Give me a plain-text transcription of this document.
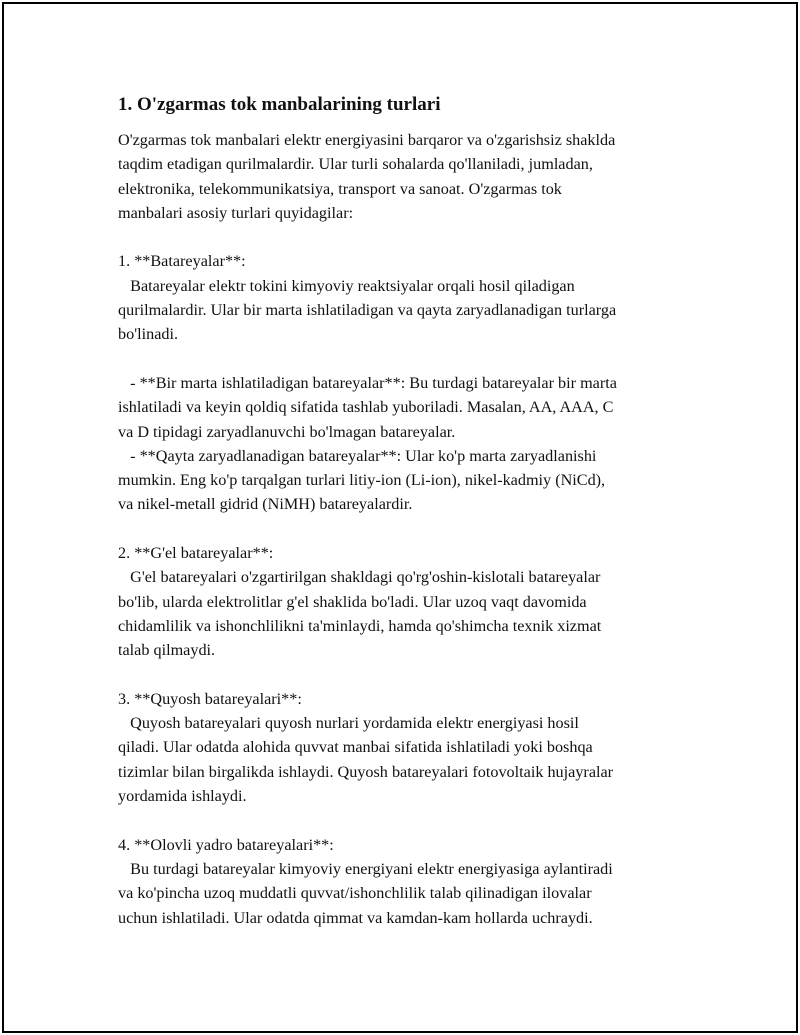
1. O'zgarmas tok manbalarining turlari
O'zgarmas tok manbalari elektr energiyasini barqaror va o'zgarishsiz shaklda
taqdim etadigan qurilmalardir. Ular turli sohalarda qo'llaniladi, jumladan,
elektronika, telekommunikatsiya, transport va sanoat. O'zgarmas tok
manbalari asosiy turlari quyidagilar:
1. **Batareyalar**:
Batareyalar elektr tokini kimyoviy reaktsiyalar orqali hosil qiladigan
qurilmalardir. Ular bir marta ishlatiladigan va qayta zaryadlanadigan turlarga
bo'linadi.
- **Bir marta ishlatiladigan batareyalar**: Bu turdagi batareyalar bir marta
ishlatiladi va keyin qoldiq sifatida tashlab yuboriladi. Masalan, AA, AAA, C
va D tipidagi zaryadlanuvchi bo'lmagan batareyalar.
- **Qayta zaryadlanadigan batareyalar**: Ular ko'p marta zaryadlanishi
mumkin. Eng ko'p tarqalgan turlari litiy-ion (Li-ion), nikel-kadmiy (NiCd),
va nikel-metall gidrid (NiMH) batareyalardir.
2. **G'el batareyalar**:
G'el batareyalari o'zgartirilgan shakldagi qo'rg'oshin-kislotali batareyalar
bo'lib, ularda elektrolitlar g'el shaklida bo'ladi. Ular uzoq vaqt davomida
chidamlilik va ishonchlilikni ta'minlaydi, hamda qo'shimcha texnik xizmat
talab qilmaydi.
3. **Quyosh batareyalari**:
Quyosh batareyalari quyosh nurlari yordamida elektr energiyasi hosil
qiladi. Ular odatda alohida quvvat manbai sifatida ishlatiladi yoki boshqa
tizimlar bilan birgalikda ishlaydi. Quyosh batareyalari fotovoltaik hujayralar
yordamida ishlaydi.
4. **Olovli yadro batareyalari**:
Bu turdagi batareyalar kimyoviy energiyani elektr energiyasiga aylantiradi
va ko'pincha uzoq muddatli quvvat/ishonchlilik talab qilinadigan ilovalar
uchun ishlatiladi. Ular odatda qimmat va kamdan-kam hollarda uchraydi.
